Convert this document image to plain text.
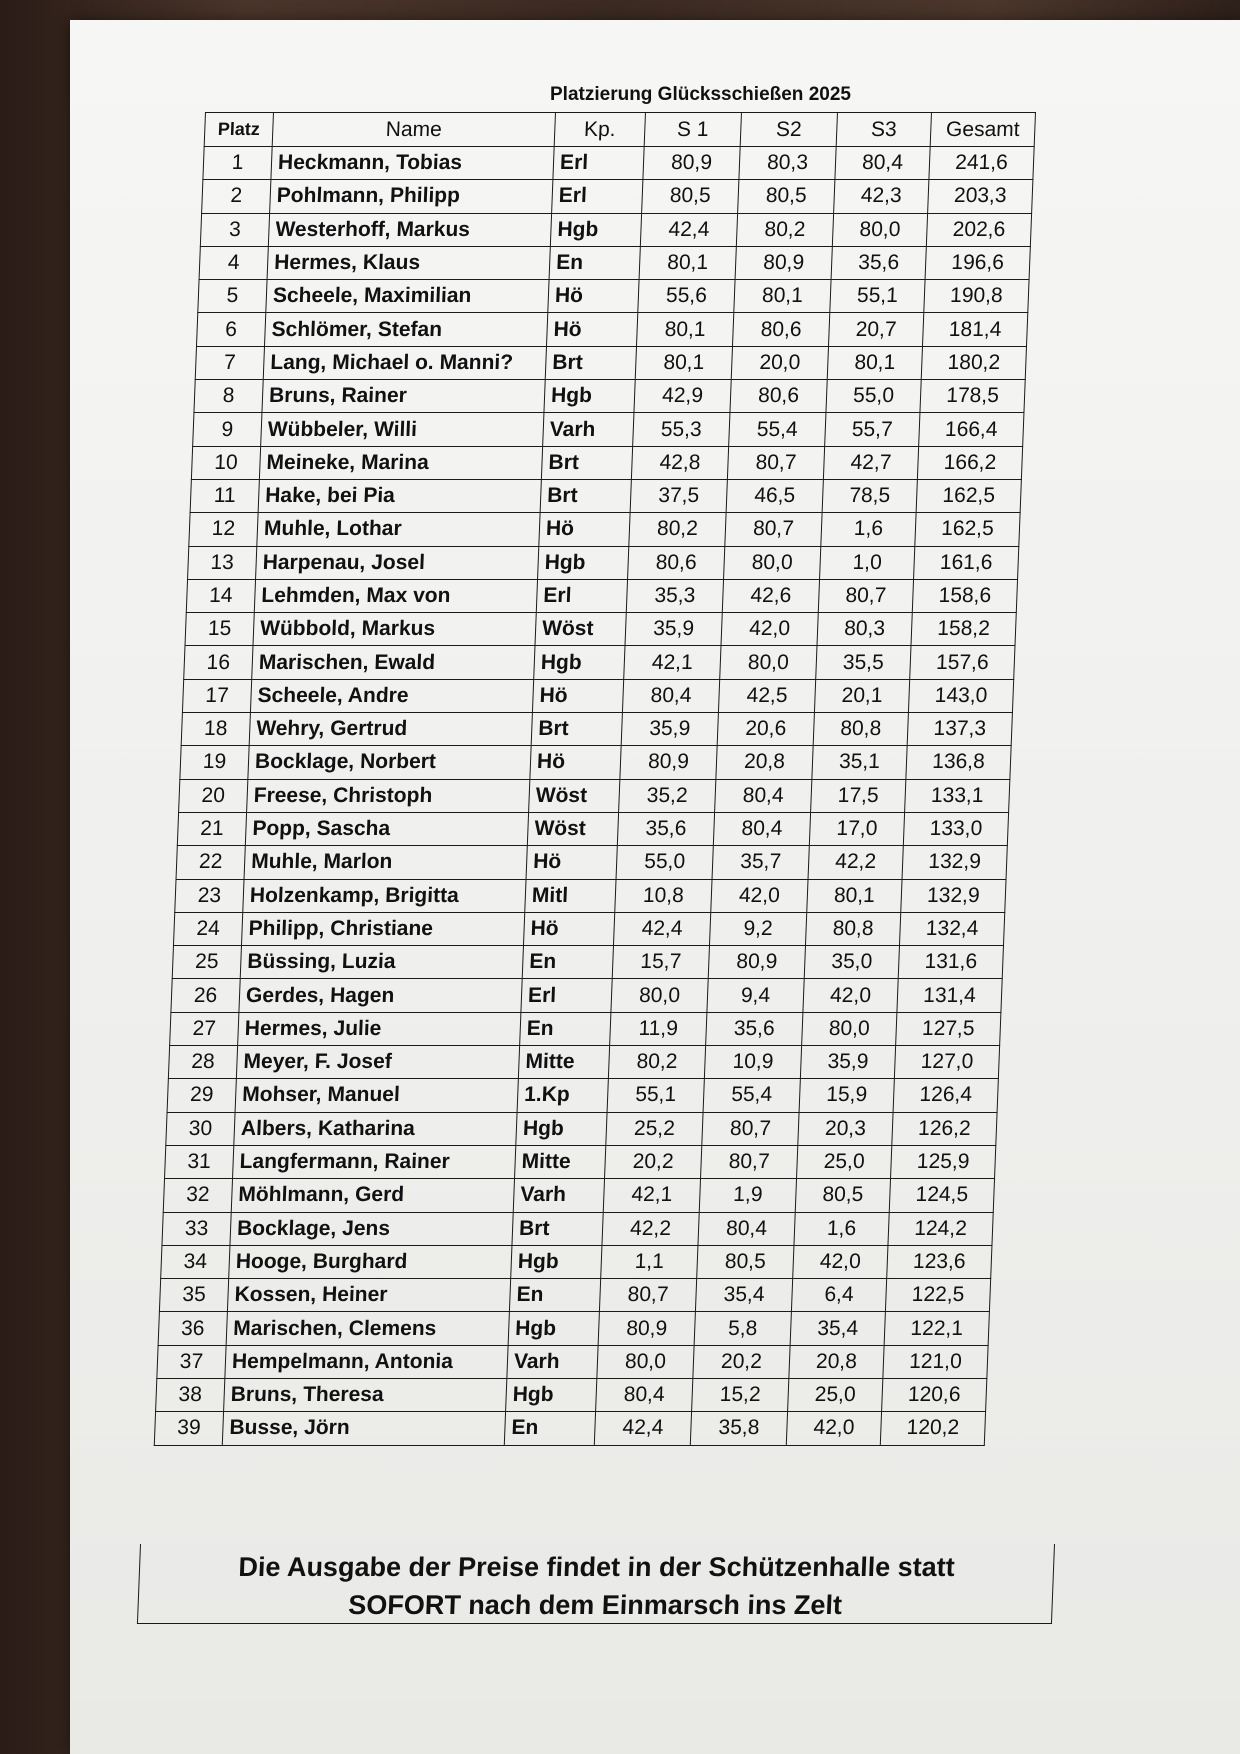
Platzierung Glücksschießen 2025
Platz	Name	Kp.	S 1	S2	S3	Gesamt
1	Heckmann, Tobias	Erl	80,9	80,3	80,4	241,6
2	Pohlmann, Philipp	Erl	80,5	80,5	42,3	203,3
3	Westerhoff, Markus	Hgb	42,4	80,2	80,0	202,6
4	Hermes, Klaus	En	80,1	80,9	35,6	196,6
5	Scheele, Maximilian	Hö	55,6	80,1	55,1	190,8
6	Schlömer, Stefan	Hö	80,1	80,6	20,7	181,4
7	Lang, Michael o. Manni?	Brt	80,1	20,0	80,1	180,2
8	Bruns, Rainer	Hgb	42,9	80,6	55,0	178,5
9	Wübbeler, Willi	Varh	55,3	55,4	55,7	166,4
10	Meineke, Marina	Brt	42,8	80,7	42,7	166,2
11	Hake, bei Pia	Brt	37,5	46,5	78,5	162,5
12	Muhle, Lothar	Hö	80,2	80,7	1,6	162,5
13	Harpenau, Josel	Hgb	80,6	80,0	1,0	161,6
14	Lehmden, Max von	Erl	35,3	42,6	80,7	158,6
15	Wübbold, Markus	Wöst	35,9	42,0	80,3	158,2
16	Marischen, Ewald	Hgb	42,1	80,0	35,5	157,6
17	Scheele, Andre	Hö	80,4	42,5	20,1	143,0
18	Wehry, Gertrud	Brt	35,9	20,6	80,8	137,3
19	Bocklage, Norbert	Hö	80,9	20,8	35,1	136,8
20	Freese, Christoph	Wöst	35,2	80,4	17,5	133,1
21	Popp, Sascha	Wöst	35,6	80,4	17,0	133,0
22	Muhle, Marlon	Hö	55,0	35,7	42,2	132,9
23	Holzenkamp, Brigitta	Mitl	10,8	42,0	80,1	132,9
24	Philipp, Christiane	Hö	42,4	9,2	80,8	132,4
25	Büssing, Luzia	En	15,7	80,9	35,0	131,6
26	Gerdes, Hagen	Erl	80,0	9,4	42,0	131,4
27	Hermes, Julie	En	11,9	35,6	80,0	127,5
28	Meyer, F. Josef	Mitte	80,2	10,9	35,9	127,0
29	Mohser, Manuel	1.Kp	55,1	55,4	15,9	126,4
30	Albers, Katharina	Hgb	25,2	80,7	20,3	126,2
31	Langfermann, Rainer	Mitte	20,2	80,7	25,0	125,9
32	Möhlmann, Gerd	Varh	42,1	1,9	80,5	124,5
33	Bocklage, Jens	Brt	42,2	80,4	1,6	124,2
34	Hooge, Burghard	Hgb	1,1	80,5	42,0	123,6
35	Kossen, Heiner	En	80,7	35,4	6,4	122,5
36	Marischen, Clemens	Hgb	80,9	5,8	35,4	122,1
37	Hempelmann, Antonia	Varh	80,0	20,2	20,8	121,0
38	Bruns, Theresa	Hgb	80,4	15,2	25,0	120,6
39	Busse, Jörn	En	42,4	35,8	42,0	120,2
Die Ausgabe der Preise findet in der Schützenhalle statt
SOFORT nach dem Einmarsch ins Zelt
